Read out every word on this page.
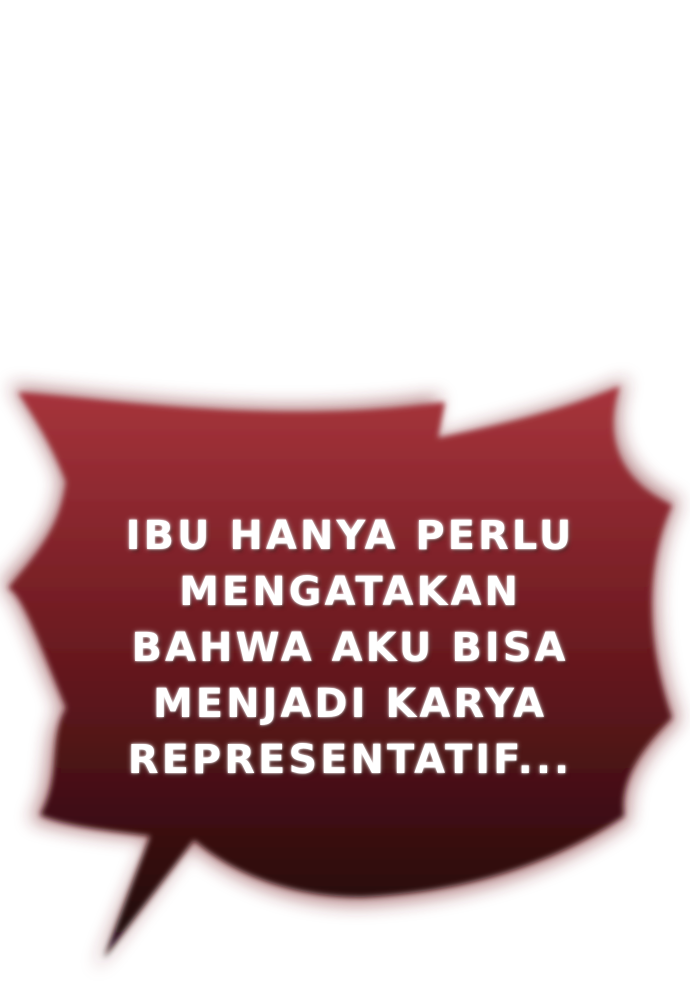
IBU HANYA PERLU
MENGATAKAN
BAHWA AKU BISA
MENJADI KARYA
REPRESENTATIF...
